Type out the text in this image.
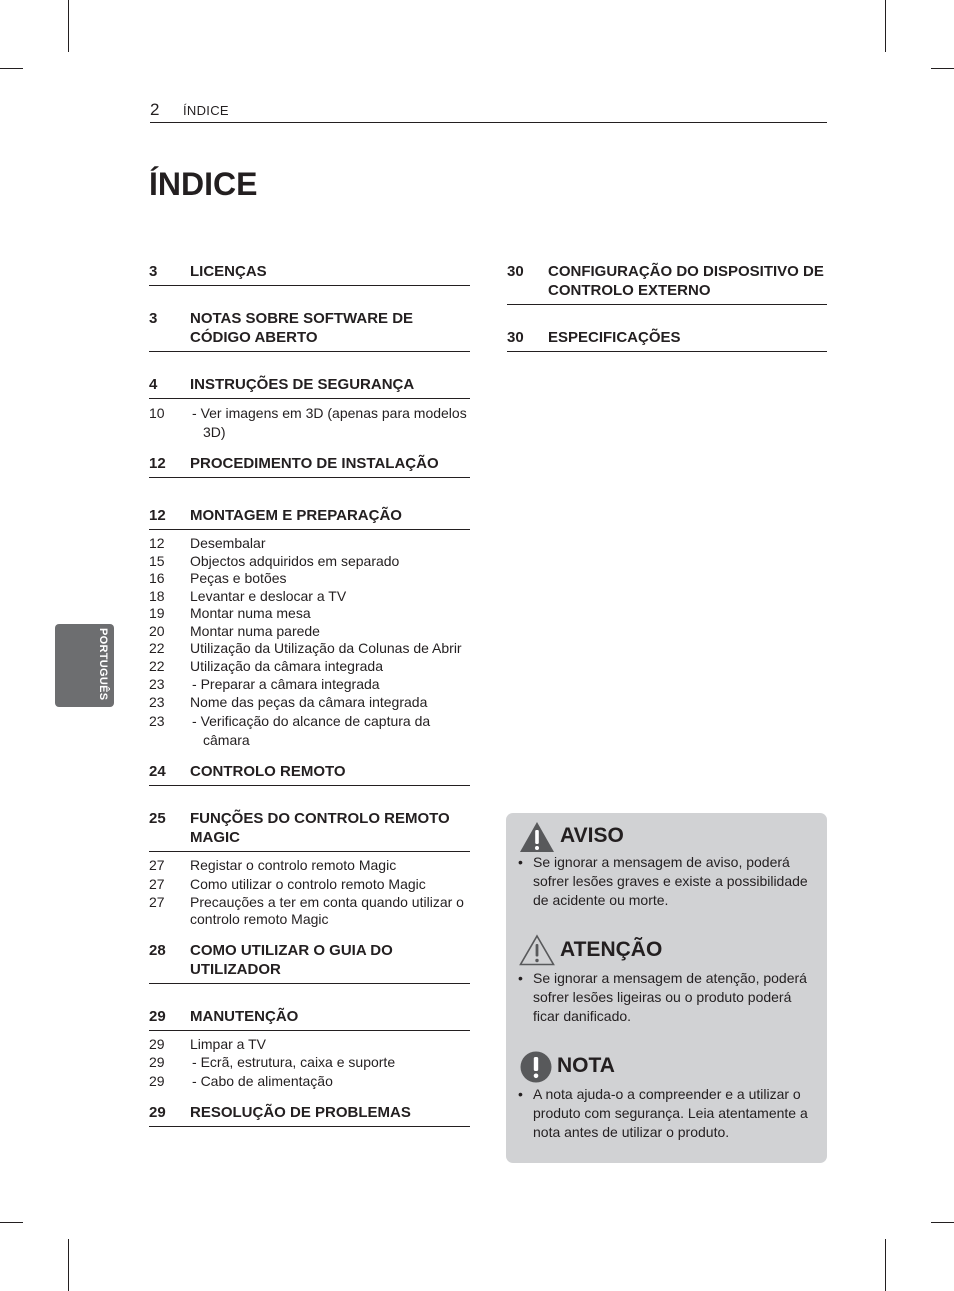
2 ÍNDICE
ÍNDICE
PORTUGUÊS
3	LICENÇAS
3	NOTAS SOBRE SOFTWARE DE CÓDIGO ABERTO
4	INSTRUÇÕES DE SEGURANÇA
10	- Ver imagens em 3D (apenas para modelos 3D)
12	PROCEDIMENTO DE INSTALAÇÃO
12	MONTAGEM E PREPARAÇÃO
12	Desembalar
15	Objectos adquiridos em separado
16	Peças e botões
18	Levantar e deslocar a TV
19	Montar numa mesa
20	Montar numa parede
22	Utilização da Utilização da Colunas de Abrir
22	Utilização da câmara integrada
23	- Preparar a câmara integrada
23	Nome das peças da câmara integrada
23	- Verificação do alcance de captura da câmara
24	CONTROLO REMOTO
25	FUNÇÕES DO CONTROLO REMOTO MAGIC
27	Registar o controlo remoto Magic
27	Como utilizar o controlo remoto Magic
27	Precauções a ter em conta quando utilizar o controlo remoto Magic
28	COMO UTILIZAR O GUIA DO UTILIZADOR
29	MANUTENÇÃO
29	Limpar a TV
29	- Ecrã, estrutura, caixa e suporte
29	- Cabo de alimentação
29	RESOLUÇÃO DE PROBLEMAS
30	CONFIGURAÇÃO DO DISPOSITIVO DE CONTROLO EXTERNO
30	ESPECIFICAÇÕES
AVISO
• Se ignorar a mensagem de aviso, poderá sofrer lesões graves e existe a possibilidade de acidente ou morte.
ATENÇÃO
• Se ignorar a mensagem de atenção, poderá sofrer lesões ligeiras ou o produto poderá ficar danificado.
NOTA
• A nota ajuda-o a compreender e a utilizar o produto com segurança. Leia atentamente a nota antes de utilizar o produto.
